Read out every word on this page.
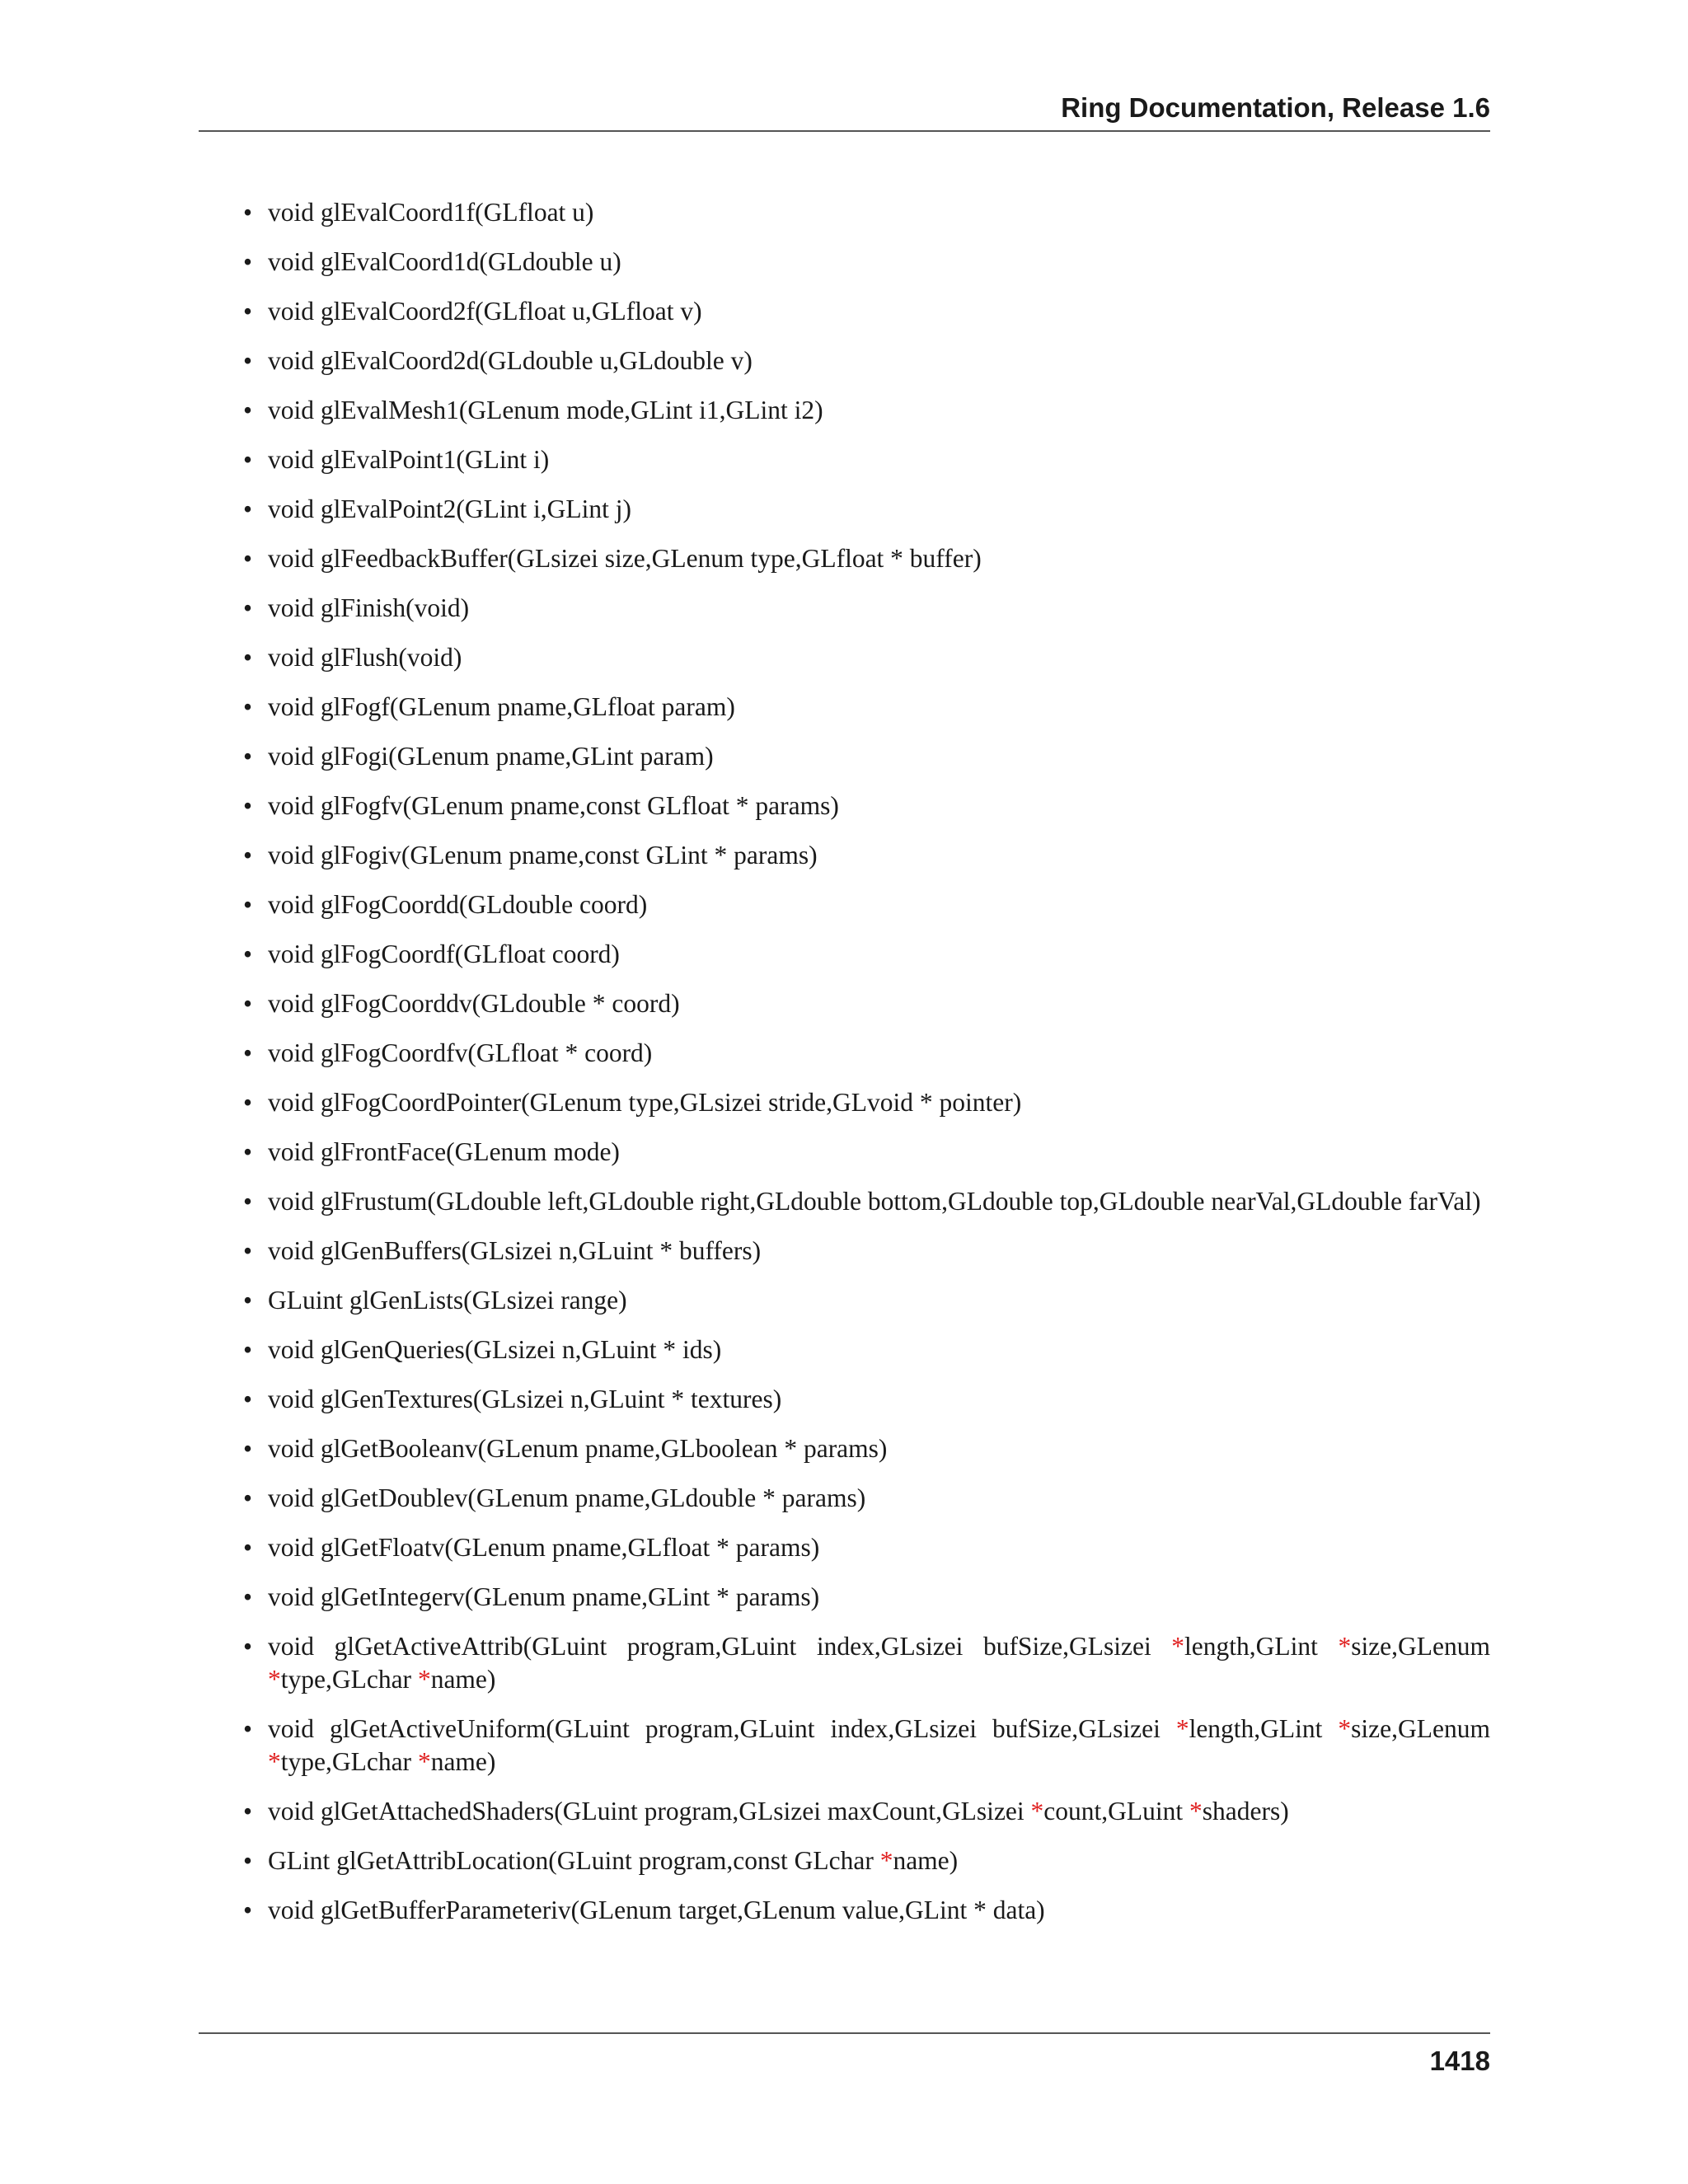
Ring Documentation, Release 1.6
• void glEvalCoord1f(GLfloat u)
• void glEvalCoord1d(GLdouble u)
• void glEvalCoord2f(GLfloat u,GLfloat v)
• void glEvalCoord2d(GLdouble u,GLdouble v)
• void glEvalMesh1(GLenum mode,GLint i1,GLint i2)
• void glEvalPoint1(GLint i)
• void glEvalPoint2(GLint i,GLint j)
• void glFeedbackBuffer(GLsizei size,GLenum type,GLfloat * buffer)
• void glFinish(void)
• void glFlush(void)
• void glFogf(GLenum pname,GLfloat param)
• void glFogi(GLenum pname,GLint param)
• void glFogfv(GLenum pname,const GLfloat * params)
• void glFogiv(GLenum pname,const GLint * params)
• void glFogCoordd(GLdouble coord)
• void glFogCoordf(GLfloat coord)
• void glFogCoorddv(GLdouble * coord)
• void glFogCoordfv(GLfloat * coord)
• void glFogCoordPointer(GLenum type,GLsizei stride,GLvoid * pointer)
• void glFrontFace(GLenum mode)
• void glFrustum(GLdouble left,GLdouble right,GLdouble bottom,GLdouble top,GLdouble nearVal,GLdouble farVal)
• void glGenBuffers(GLsizei n,GLuint * buffers)
• GLuint glGenLists(GLsizei range)
• void glGenQueries(GLsizei n,GLuint * ids)
• void glGenTextures(GLsizei n,GLuint * textures)
• void glGetBooleanv(GLenum pname,GLboolean * params)
• void glGetDoublev(GLenum pname,GLdouble * params)
• void glGetFloatv(GLenum pname,GLfloat * params)
• void glGetIntegerv(GLenum pname,GLint * params)
• void glGetActiveAttrib(GLuint program,GLuint index,GLsizei bufSize,GLsizei *length,GLint *size,GLenum *type,GLchar *name)
• void glGetActiveUniform(GLuint program,GLuint index,GLsizei bufSize,GLsizei *length,GLint *size,GLenum *type,GLchar *name)
• void glGetAttachedShaders(GLuint program,GLsizei maxCount,GLsizei *count,GLuint *shaders)
• GLint glGetAttribLocation(GLuint program,const GLchar *name)
• void glGetBufferParameteriv(GLenum target,GLenum value,GLint * data)
1418
